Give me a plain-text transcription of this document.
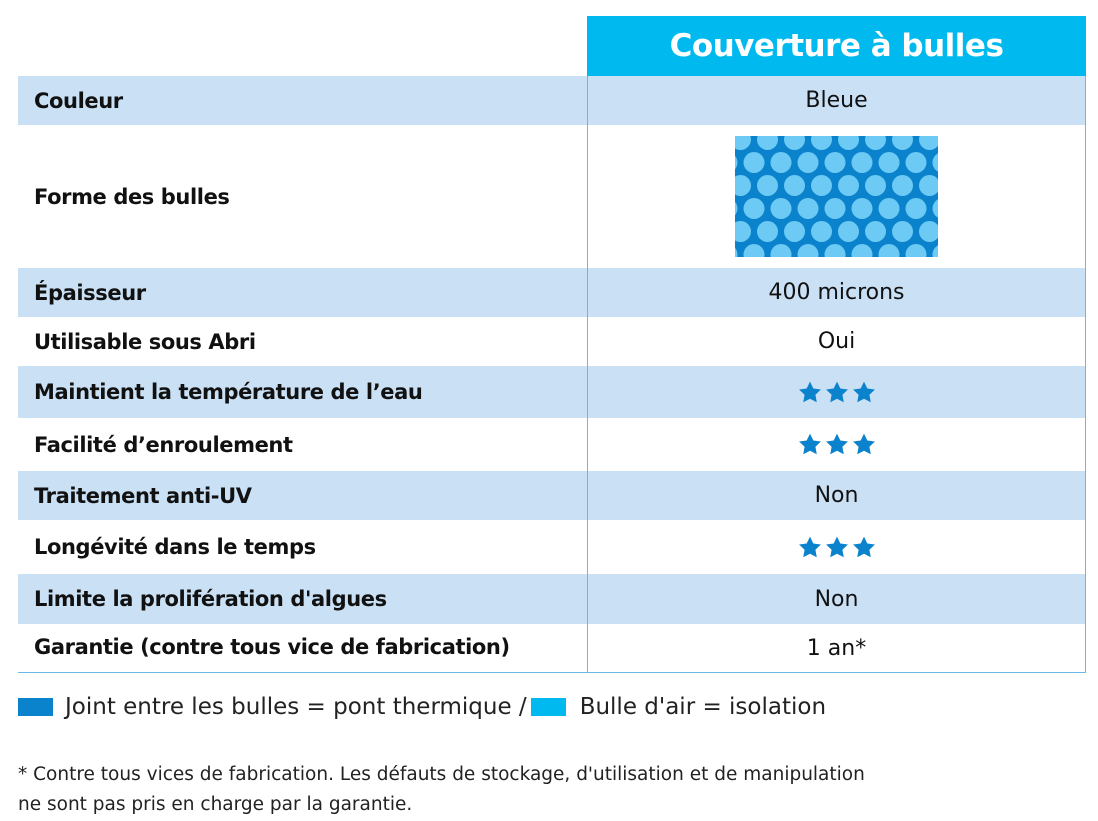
Couverture à bulles
Couleur	Bleue
Forme des bulles
Épaisseur	400 microns
Utilisable sous Abri	Oui
Maintient la température de l’eau
Facilité d’enroulement
Traitement anti-UV	Non
Longévité dans le temps
Limite la prolifération d'algues	Non
Garantie (contre tous vice de fabrication)	1 an*
Joint entre les bulles = pont thermique / Bulle d'air = isolation
* Contre tous vices de fabrication. Les défauts de stockage, d'utilisation et de manipulation
ne sont pas pris en charge par la garantie.
